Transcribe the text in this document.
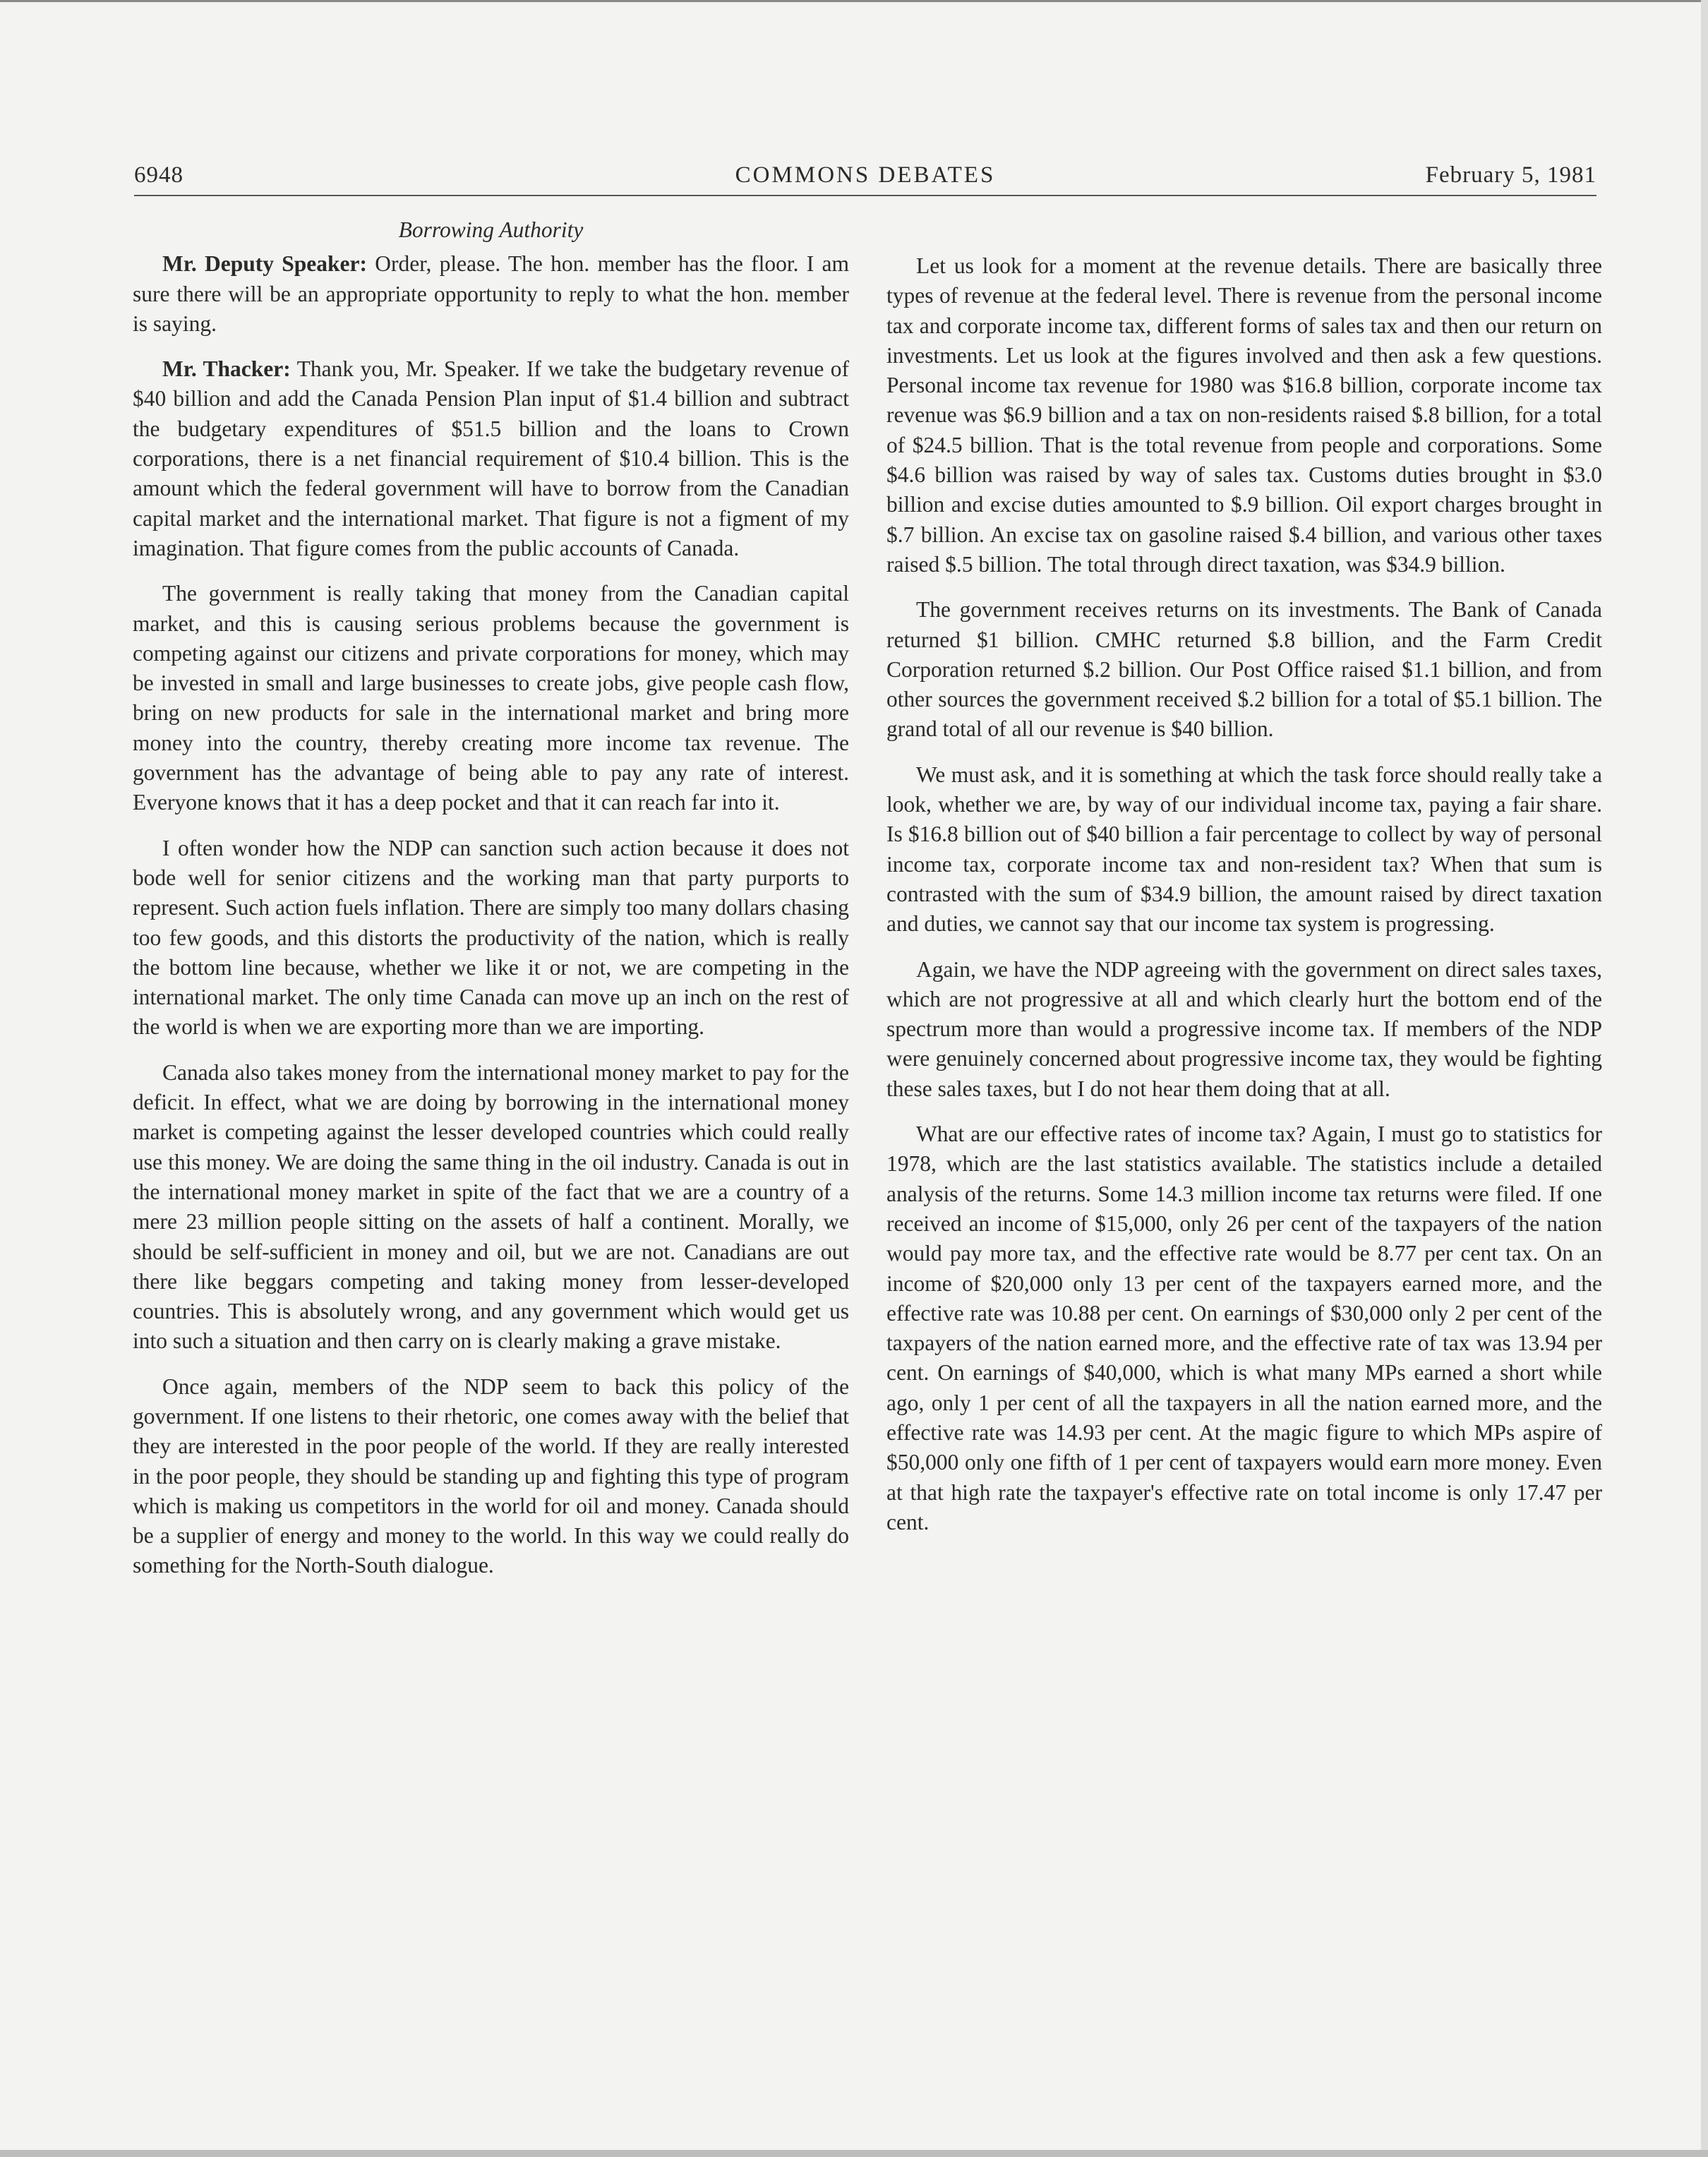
6948	COMMONS DEBATES	February 5, 1981
Borrowing Authority

Mr. Deputy Speaker: Order, please. The hon. member has the floor. I am sure there will be an appropriate opportunity to reply to what the hon. member is saying.

Mr. Thacker: Thank you, Mr. Speaker. If we take the budgetary revenue of $40 billion and add the Canada Pension Plan input of $1.4 billion and subtract the budgetary expenditures of $51.5 billion and the loans to Crown corporations, there is a net financial requirement of $10.4 billion. This is the amount which the federal government will have to borrow from the Canadian capital market and the international market. That figure is not a figment of my imagination. That figure comes from the public accounts of Canada.

The government is really taking that money from the Canadian capital market, and this is causing serious problems because the government is competing against our citizens and private corporations for money, which may be invested in small and large businesses to create jobs, give people cash flow, bring on new products for sale in the international market and bring more money into the country, thereby creating more income tax revenue. The government has the advantage of being able to pay any rate of interest. Everyone knows that it has a deep pocket and that it can reach far into it.

I often wonder how the NDP can sanction such action because it does not bode well for senior citizens and the working man that party purports to represent. Such action fuels inflation. There are simply too many dollars chasing too few goods, and this distorts the productivity of the nation, which is really the bottom line because, whether we like it or not, we are competing in the international market. The only time Canada can move up an inch on the rest of the world is when we are exporting more than we are importing.

Canada also takes money from the international money market to pay for the deficit. In effect, what we are doing by borrowing in the international money market is competing against the lesser developed countries which could really use this money. We are doing the same thing in the oil industry. Canada is out in the international money market in spite of the fact that we are a country of a mere 23 million people sitting on the assets of half a continent. Morally, we should be self-sufficient in money and oil, but we are not. Canadians are out there like beggars competing and taking money from lesser-developed countries. This is absolutely wrong, and any government which would get us into such a situation and then carry on is clearly making a grave mistake.

Once again, members of the NDP seem to back this policy of the government. If one listens to their rhetoric, one comes away with the belief that they are interested in the poor people of the world. If they are really interested in the poor people, they should be standing up and fighting this type of program which is making us competitors in the world for oil and money. Canada should be a supplier of energy and money to the world. In this way we could really do something for the North-South dialogue.

Let us look for a moment at the revenue details. There are basically three types of revenue at the federal level. There is revenue from the personal income tax and corporate income tax, different forms of sales tax and then our return on investments. Let us look at the figures involved and then ask a few questions. Personal income tax revenue for 1980 was $16.8 billion, corporate income tax revenue was $6.9 billion and a tax on non-residents raised $.8 billion, for a total of $24.5 billion. That is the total revenue from people and corporations. Some $4.6 billion was raised by way of sales tax. Customs duties brought in $3.0 billion and excise duties amounted to $.9 billion. Oil export charges brought in $.7 billion. An excise tax on gasoline raised $.4 billion, and various other taxes raised $.5 billion. The total through direct taxation, was $34.9 billion.

The government receives returns on its investments. The Bank of Canada returned $1 billion. CMHC returned $.8 billion, and the Farm Credit Corporation returned $.2 billion. Our Post Office raised $1.1 billion, and from other sources the government received $.2 billion for a total of $5.1 billion. The grand total of all our revenue is $40 billion.

We must ask, and it is something at which the task force should really take a look, whether we are, by way of our individual income tax, paying a fair share. Is $16.8 billion out of $40 billion a fair percentage to collect by way of personal income tax, corporate income tax and non-resident tax? When that sum is contrasted with the sum of $34.9 billion, the amount raised by direct taxation and duties, we cannot say that our income tax system is progressing.

Again, we have the NDP agreeing with the government on direct sales taxes, which are not progressive at all and which clearly hurt the bottom end of the spectrum more than would a progressive income tax. If members of the NDP were genuinely concerned about progressive income tax, they would be fighting these sales taxes, but I do not hear them doing that at all.

What are our effective rates of income tax? Again, I must go to statistics for 1978, which are the last statistics available. The statistics include a detailed analysis of the returns. Some 14.3 million income tax returns were filed. If one received an income of $15,000, only 26 per cent of the taxpayers of the nation would pay more tax, and the effective rate would be 8.77 per cent tax. On an income of $20,000 only 13 per cent of the taxpayers earned more, and the effective rate was 10.88 per cent. On earnings of $30,000 only 2 per cent of the taxpayers of the nation earned more, and the effective rate of tax was 13.94 per cent. On earnings of $40,000, which is what many MPs earned a short while ago, only 1 per cent of all the taxpayers in all the nation earned more, and the effective rate was 14.93 per cent. At the magic figure to which MPs aspire of $50,000 only one fifth of 1 per cent of taxpayers would earn more money. Even at that high rate the taxpayer's effective rate on total income is only 17.47 per cent.
